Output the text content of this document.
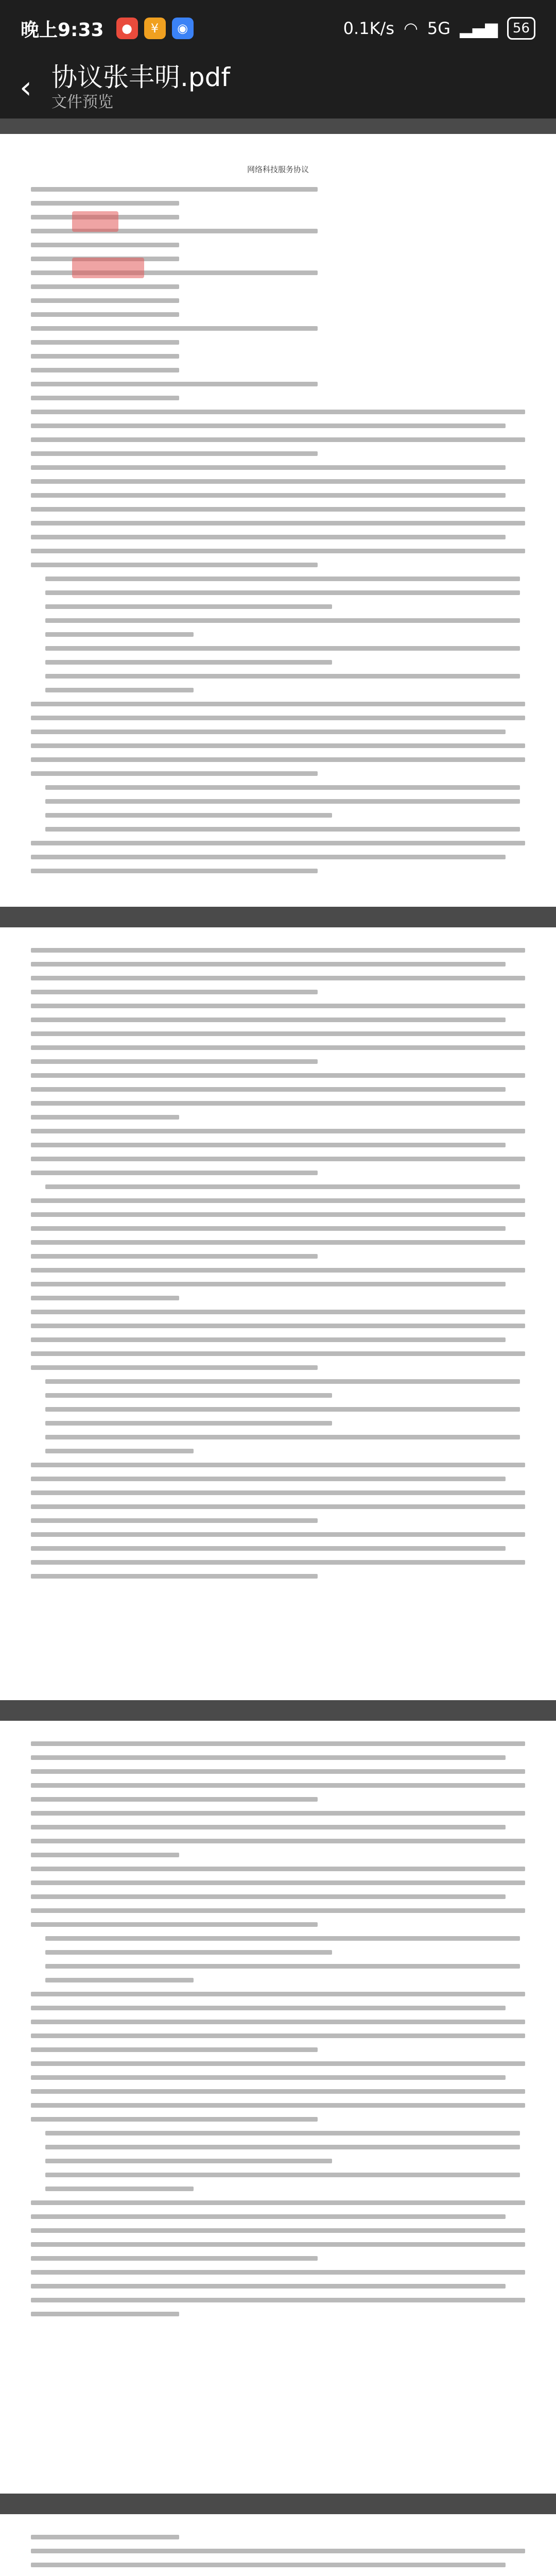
晚上9:33	●	¥	◉	0.1K/s ◠ 5G ▂▄▆	56
‹ 协议张丰明.pdf
文件预览
网络科技服务协议
